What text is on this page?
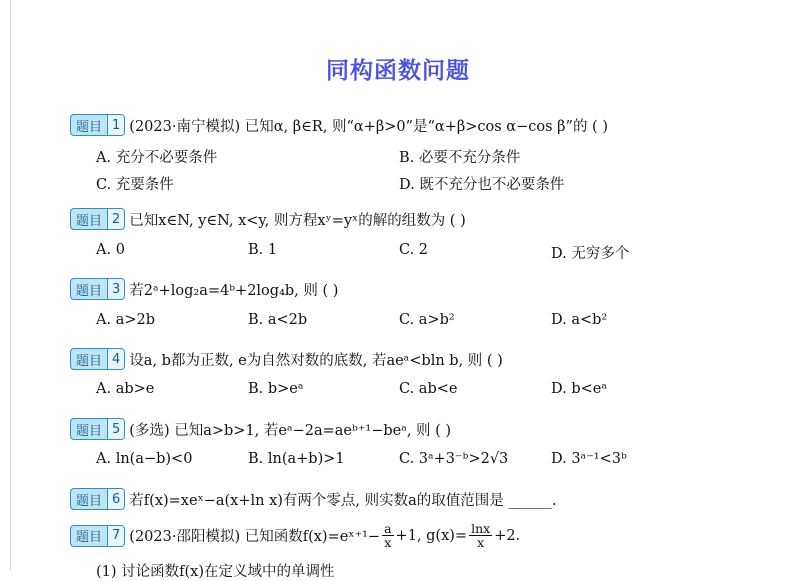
同构函数问题
题目 1 (2023·南宁模拟) 已知α, β∈R, 则“α+β>0”是“α+β>cos α−cos β”的 ( )
A. 充分不必要条件	B. 必要不充分条件
C. 充要条件	D. 既不充分也不必要条件
题目 2 已知x∈N, y∈N, x<y, 则方程xʸ=yˣ的解的组数为 ( )
A. 0	B. 1	C. 2	D. 无穷多个
题目 3 若2ᵃ+log₂a=4ᵇ+2log₄b, 则 ( )
A. a>2b	B. a<2b	C. a>b²	D. a<b²
题目 4 设a, b都为正数, e为自然对数的底数, 若aeᵃ<bln b, 则 ( )
A. ab>e	B. b>eᵃ	C. ab<e	D. b<eᵃ
题目 5 (多选) 已知a>b>1, 若eᵃ−2a=aeᵇ⁺¹−beᵃ, 则 ( )
A. ln(a−b)<0	B. ln(a+b)>1	C. 3ᵃ+3⁻ᵇ>2√3	D. 3ᵃ⁻¹<3ᵇ
题目 6 若f(x)=xeˣ−a(x+ln x)有两个零点, 则实数a的取值范围是 ______.
题目 7 (2023·邵阳模拟) 已知函数f(x)=eˣ⁺¹− $\frac{a}{x} +1$, $g(x)= \frac{\ln x}{x} +2$.
(1) 讨论函数f(x)在定义域中的单调性
